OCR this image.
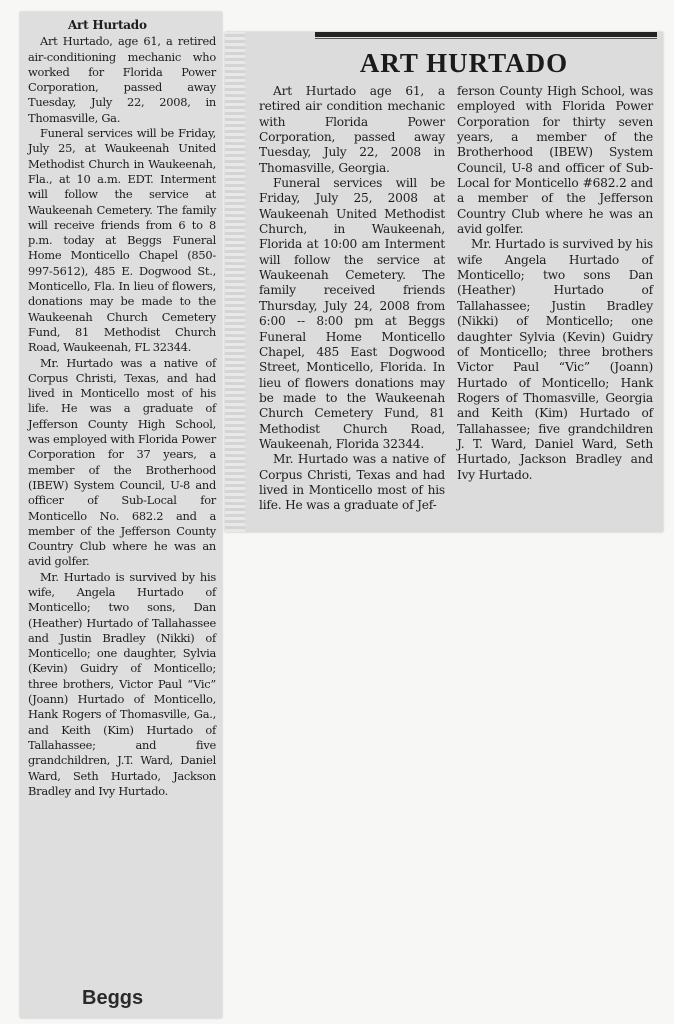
Art Hurtado

Art Hurtado, age 61, a retired air-conditioning mechanic who worked for Florida Power Corporation, passed away Tuesday, July 22, 2008, in Thomasville, Ga.

Funeral services will be Friday, July 25, at Waukeenah United Methodist Church in Waukeenah, Fla., at 10 a.m. EDT. Interment will follow the service at Waukeenah Cemetery. The family will receive friends from 6 to 8 p.m. today at Beggs Funeral Home Monticello Chapel (850-997-5612), 485 E. Dogwood St., Monticello, Fla. In lieu of flowers, donations may be made to the Waukeenah Church Cemetery Fund, 81 Methodist Church Road, Waukeenah, FL 32344.

Mr. Hurtado was a native of Corpus Christi, Texas, and had lived in Monticello most of his life. He was a graduate of Jefferson County High School, was employed with Florida Power Corporation for 37 years, a member of the Brotherhood (IBEW) System Council, U-8 and officer of Sub-Local for Monticello No. 682.2 and a member of the Jefferson County Country Club where he was an avid golfer.

Mr. Hurtado is survived by his wife, Angela Hurtado of Monticello; two sons, Dan (Heather) Hurtado of Tallahassee and Justin Bradley (Nikki) of Monticello; one daughter, Sylvia (Kevin) Guidry of Monticello; three brothers, Victor Paul “Vic” (Joann) Hurtado of Monticello, Hank Rogers of Thomasville, Ga., and Keith (Kim) Hurtado of Tallahassee; and five grandchildren, J.T. Ward, Daniel Ward, Seth Hurtado, Jackson Bradley and Ivy Hurtado.

Beggs
ART HURTADO

Art Hurtado age 61, a retired air condition mechanic with Florida Power Corporation, passed away Tuesday, July 22, 2008 in Thomasville, Georgia.

Funeral services will be Friday, July 25, 2008 at Waukeenah United Methodist Church, in Waukeenah, Florida at 10:00 am Interment will follow the service at Waukeenah Cemetery. The family received friends Thursday, July 24, 2008 from 6:00 -- 8:00 pm at Beggs Funeral Home Monticello Chapel, 485 East Dogwood Street, Monticello, Florida. In lieu of flowers donations may be made to the Waukeenah Church Cemetery Fund, 81 Methodist Church Road, Waukeenah, Florida 32344.

Mr. Hurtado was a native of Corpus Christi, Texas and had lived in Monticello most of his life. He was a graduate of Jef-

ferson County High School, was employed with Florida Power Corporation for thirty seven years, a member of the Brotherhood (IBEW) System Council, U-8 and officer of Sub-Local for Monticello #682.2 and a member of the Jefferson Country Club where he was an avid golfer.

Mr. Hurtado is survived by his wife Angela Hurtado of Monticello; two sons Dan (Heather) Hurtado of Tallahassee; Justin Bradley (Nikki) of Monticello; one daughter Sylvia (Kevin) Guidry of Monticello; three brothers Victor Paul “Vic” (Joann) Hurtado of Monticello; Hank Rogers of Thomasville, Georgia and Keith (Kim) Hurtado of Tallahassee; five grandchildren J. T. Ward, Daniel Ward, Seth Hurtado, Jackson Bradley and Ivy Hurtado.
